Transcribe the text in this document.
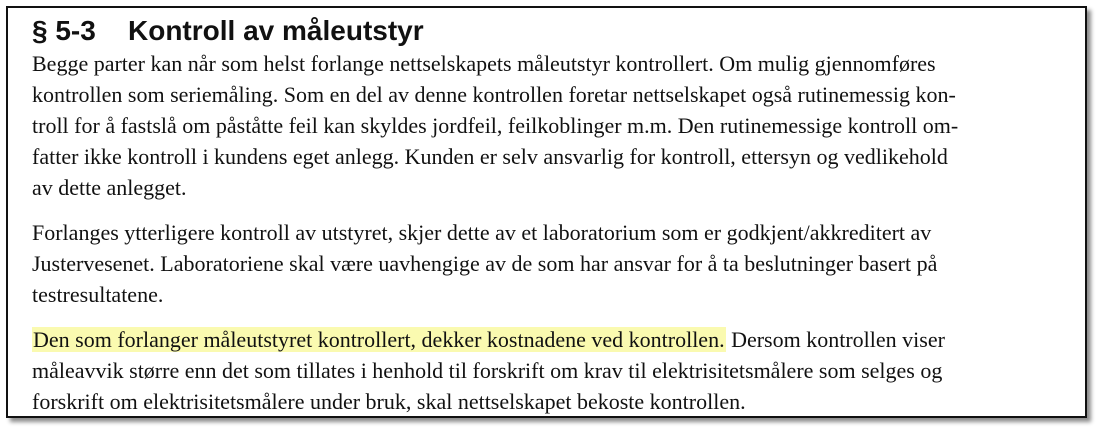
§ 5-3 Kontroll av måleutstyr

Begge parter kan når som helst forlange nettselskapets måleutstyr kontrollert. Om mulig gjennomføres
kontrollen som seriemåling. Som en del av denne kontrollen foretar nettselskapet også rutinemessig kon-
troll for å fastslå om påståtte feil kan skyldes jordfeil, feilkoblinger m.m. Den rutinemessige kontroll om-
fatter ikke kontroll i kundens eget anlegg. Kunden er selv ansvarlig for kontroll, ettersyn og vedlikehold
av dette anlegget.

Forlanges ytterligere kontroll av utstyret, skjer dette av et laboratorium som er godkjent/akkreditert av
Justervesenet. Laboratoriene skal være uavhengige av de som har ansvar for å ta beslutninger basert på
testresultatene.

Den som forlanger måleutstyret kontrollert, dekker kostnadene ved kontrollen. Dersom kontrollen viser
måleavvik større enn det som tillates i henhold til forskrift om krav til elektrisitetsmålere som selges og
forskrift om elektrisitetsmålere under bruk, skal nettselskapet bekoste kontrollen.
